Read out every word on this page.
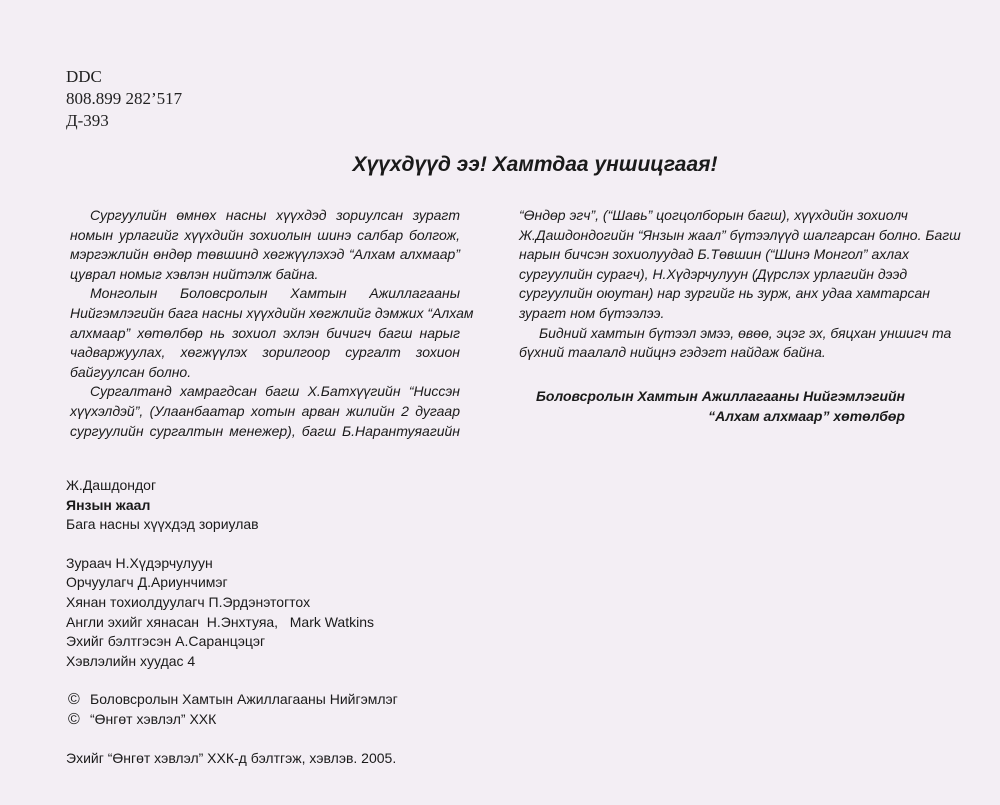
DDC
808.899 282’517
Д-393
Хүүхдүүд ээ! Хамтдаа уншицгаая!
Сургуулийн өмнөх насны хүүхдэд зориулсан зурагт
номын урлагийг хүүхдийн зохиолын шинэ салбар болгож,
мэргэжлийн өндөр төвшинд хөгжүүлэхэд “Алхам алхмаар”
цуврал номыг хэвлэн нийтэлж байна.
Монголын Боловсролын Хамтын Ажиллагааны
Нийгэмлэгийн бага насны хүүхдийн хөгжлийг дэмжих “Алхам
алхмаар” хөтөлбөр нь зохиол эхлэн бичигч багш нарыг
чадваржуулах, хөгжүүлэх зорилгоор сургалт зохион
байгуулсан болно.
Сургалтанд хамрагдсан багш Х.Батхүүгийн “Ниссэн
хүүхэлдэй”, (Улаанбаатар хотын арван жилийн 2 дугаар
сургуулийн сургалтын менежер), багш Б.Нарантуяагийн
“Өндөр эгч”, (“Шавь” цогцолборын багш), хүүхдийн зохиолч
Ж.Дашдондогийн “Янзын жаал” бүтээлүүд шалгарсан болно. Багш
нарын бичсэн зохиолуудад Б.Төвшин (“Шинэ Монгол” ахлах
сургуулийн сурагч), Н.Хүдэрчулуун (Дүрслэх урлагийн дээд
сургуулийн оюутан) нар зургийг нь зурж, анх удаа хамтарсан
зурагт ном бүтээлээ.
Бидний хамтын бүтээл эмээ, өвөө, эцэг эх, бяцхан уншигч та
бүхний таалалд нийцнэ гэдэгт найдаж байна.
Боловсролын Хамтын Ажиллагааны Нийгэмлэгийн
“Алхам алхмаар” хөтөлбөр
Ж.Дашдондог
Янзын жаал
Бага насны хүүхдэд зориулав
Зураач Н.Хүдэрчулуун
Орчуулагч Д.Ариунчимэг
Хянан тохиолдуулагч П.Эрдэнэтогтох
Англи эхийг хянасан  Н.Энхтуяа,   Mark Watkins
Эхийг бэлтгэсэн А.Саранцэцэг
Хэвлэлийн хуудас 4
© Боловсролын Хамтын Ажиллагааны Нийгэмлэг
© “Өнгөт хэвлэл” ХХК
Эхийг “Өнгөт хэвлэл” ХХК-д бэлтгэж, хэвлэв. 2005.
